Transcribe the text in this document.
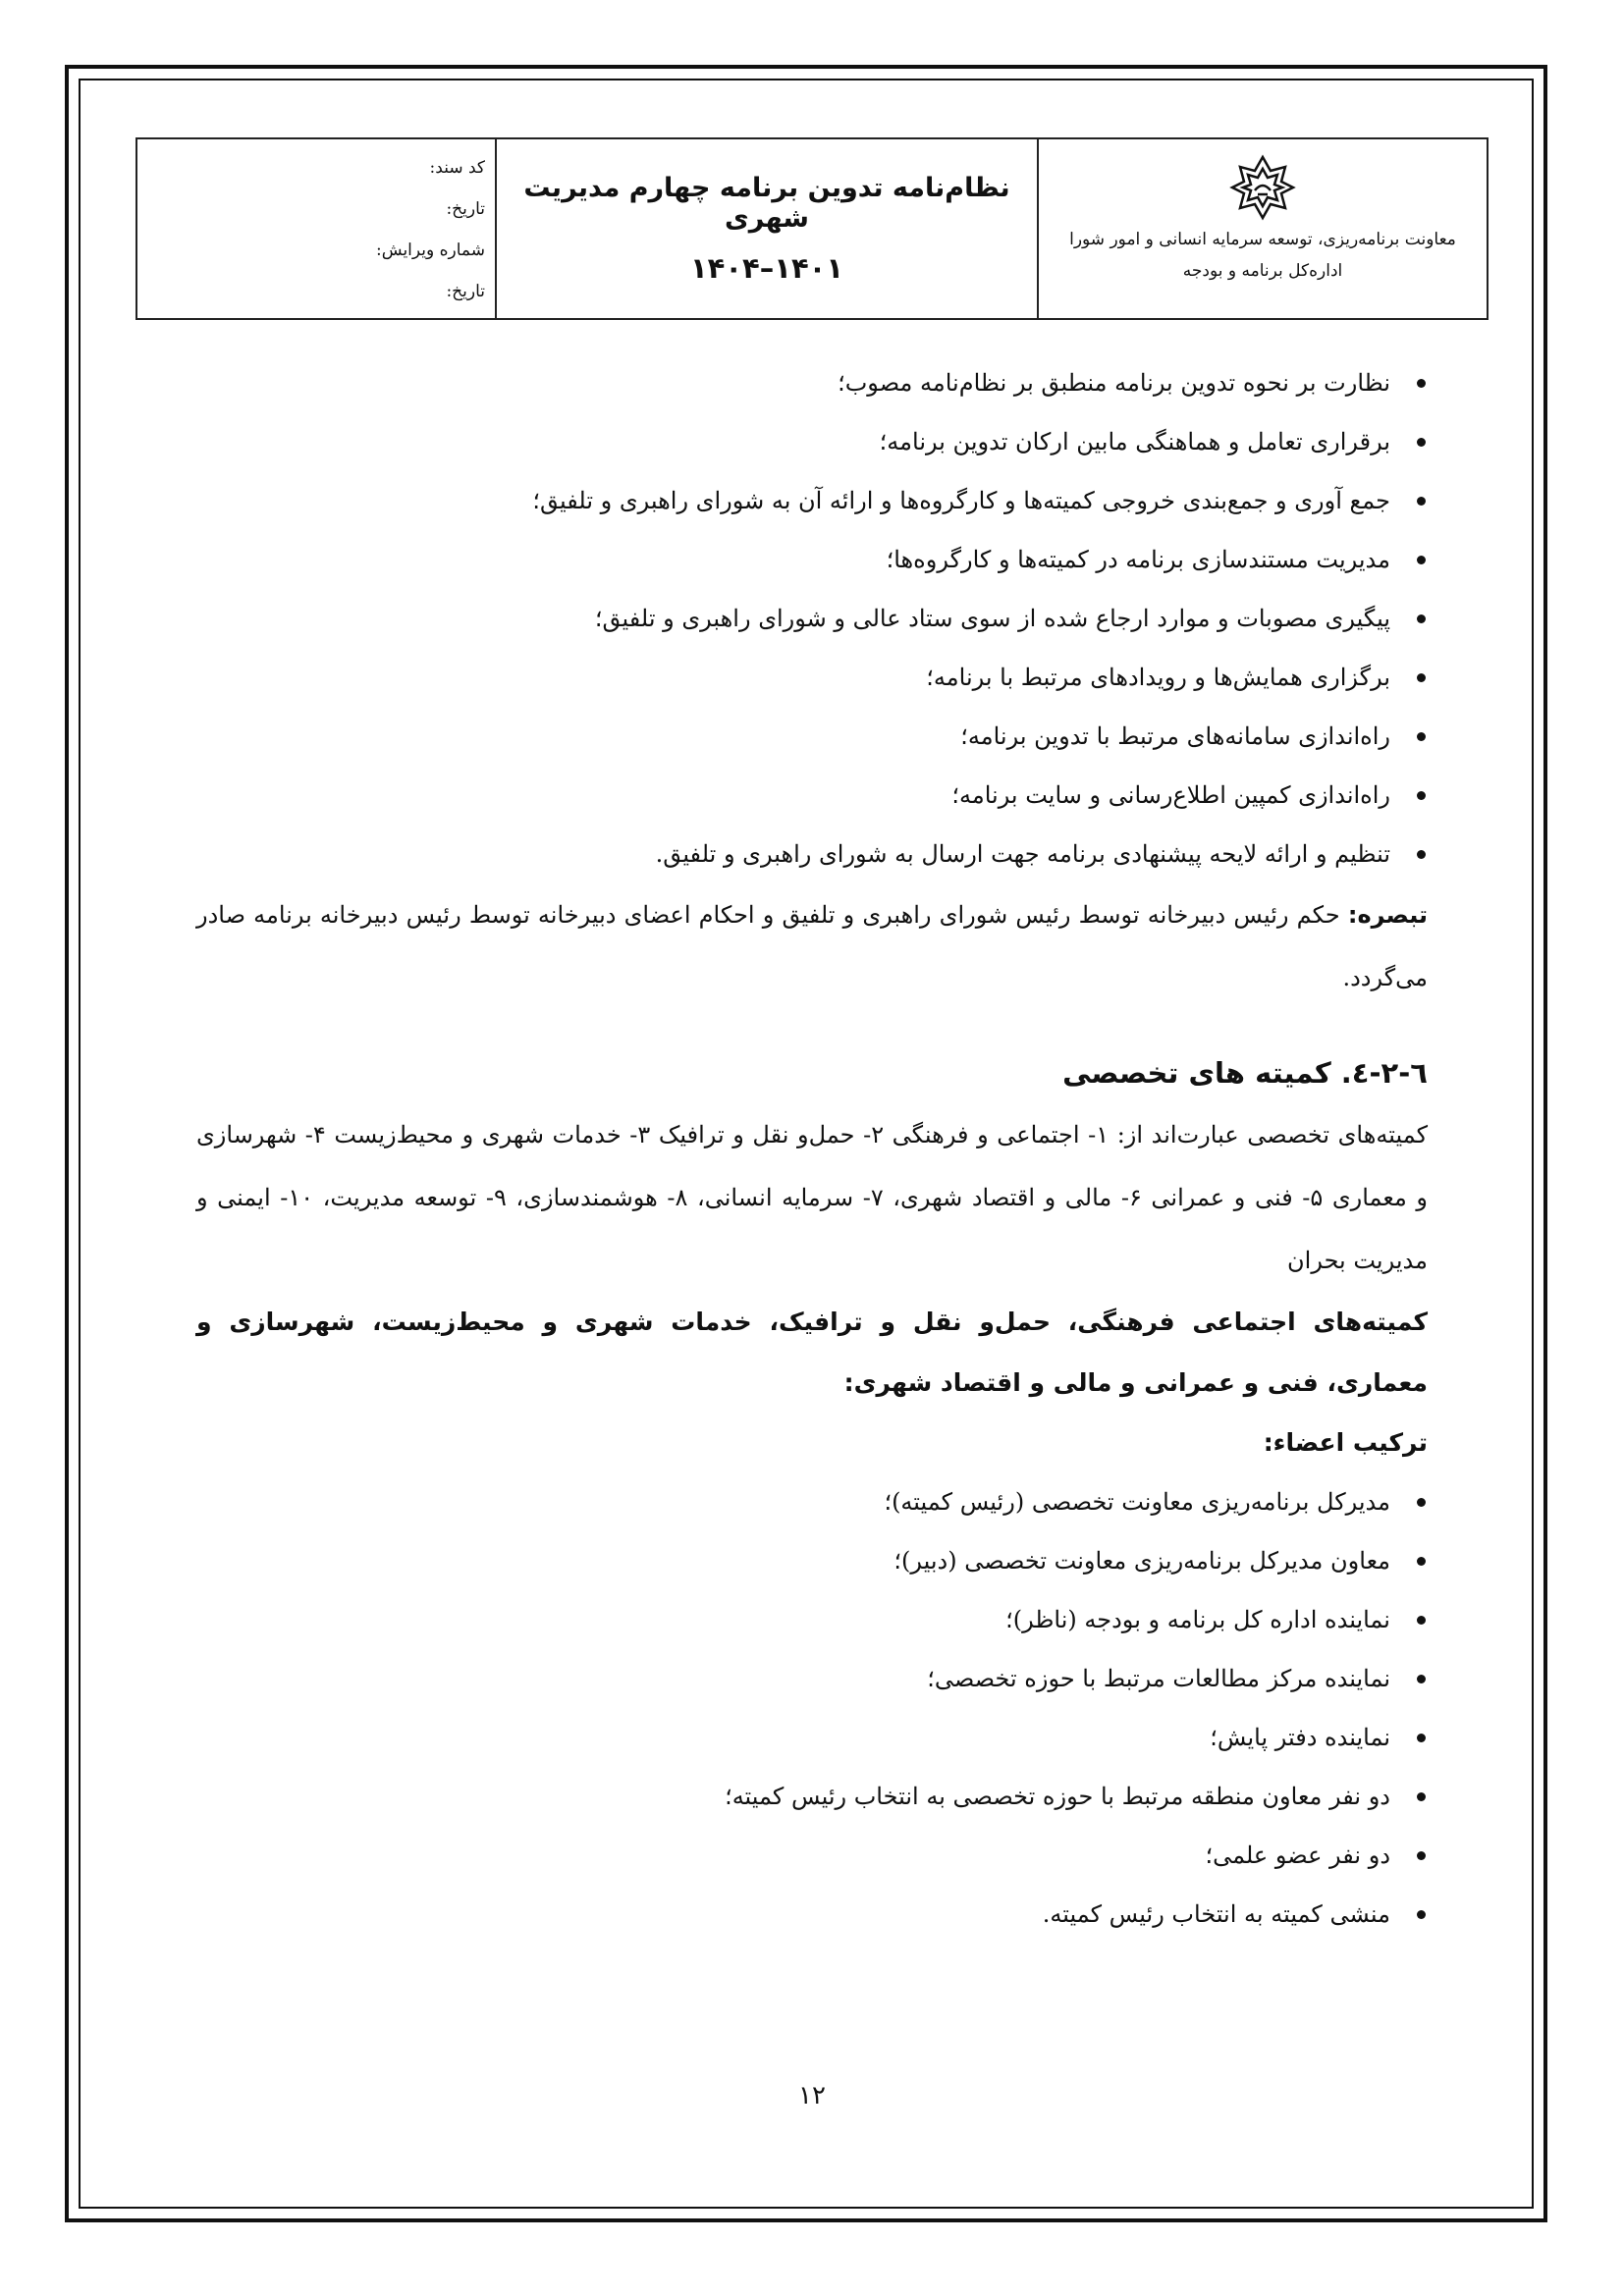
معاونت برنامه‌ریزی، توسعه سرمایه انسانی و امور شورا
اداره‌کل برنامه و بودجه
نظام‌نامه تدوین برنامه چهارم مدیریت شهری
۱۴۰۱–۱۴۰۴
کد سند:
تاریخ:
شماره ویرایش:
تاریخ:
نظارت بر نحوه تدوین برنامه منطبق بر نظام‌نامه مصوب؛
برقراری تعامل و هماهنگی مابین ارکان تدوین برنامه؛
جمع آوری و جمع‌بندی خروجی کمیته‌ها و کارگروه‌ها و ارائه آن به شورای راهبری و تلفیق؛
مدیریت مستندسازی برنامه در کمیته‌ها و کارگروه‌ها؛
پیگیری مصوبات و موارد ارجاع شده از سوی ستاد عالی و شورای راهبری و تلفیق؛
برگزاری همایش‌ها و رویدادهای مرتبط با برنامه؛
راه‌اندازی سامانه‌های مرتبط با تدوین برنامه؛
راه‌اندازی کمپین اطلاع‌رسانی و سایت برنامه؛
تنظیم و ارائه لایحه پیشنهادی برنامه جهت ارسال به شورای راهبری و تلفیق.
تبصره: حکم رئیس دبیرخانه توسط رئیس شورای راهبری و تلفیق و احکام اعضای دبیرخانه توسط رئیس دبیرخانه برنامه صادر می‌گردد.
٦-٢-٤. کمیته های تخصصی
کمیته‌های تخصصی عبارت‌اند از: ۱- اجتماعی و فرهنگی ۲- حمل‌و نقل و ترافیک ۳- خدمات شهری و محیط‌زیست ۴- شهرسازی و معماری ۵- فنی و عمرانی ۶- مالی و اقتصاد شهری، ۷- سرمایه انسانی، ۸- هوشمندسازی، ۹- توسعه مدیریت، ۱۰- ایمنی و مدیریت بحران
کمیته‌های اجتماعی فرهنگی، حمل‌و نقل و ترافیک، خدمات شهری و محیط‌زیست، شهرسازی و معماری، فنی و عمرانی و مالی و اقتصاد شهری:
ترکیب اعضاء:
مدیرکل برنامه‌ریزی معاونت تخصصی (رئیس کمیته)؛
معاون مدیرکل برنامه‌ریزی معاونت تخصصی (دبیر)؛
نماینده اداره کل برنامه و بودجه (ناظر)؛
نماینده مرکز مطالعات مرتبط با حوزه تخصصی؛
نماینده دفتر پایش؛
دو نفر معاون منطقه مرتبط با حوزه تخصصی به انتخاب رئیس کمیته؛
دو نفر عضو علمی؛
منشی کمیته به انتخاب رئیس کمیته.
۱۲
